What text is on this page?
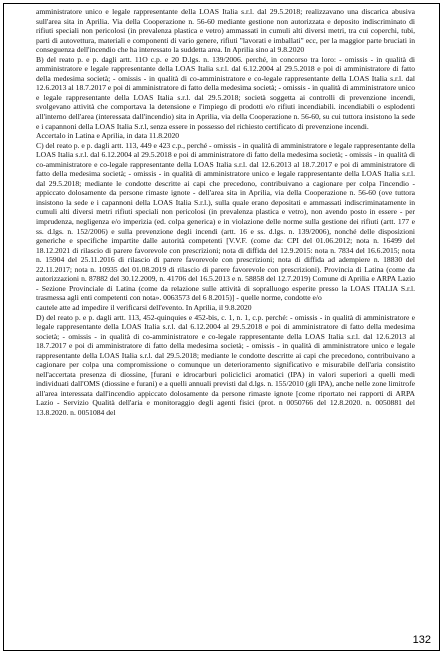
amministratore unico e legale rappresentante della LOAS Italia s.r.l. dal 29.5.2018; realizzavano una discarica abusiva sull'area sita in Aprilia. Via della Cooperazione n. 56-60 mediante gestione non autorizzata e deposito indiscriminato di rifiuti speciali non pericolosi (in prevalenza plastica e vetro) ammassati in cumuli alti diversi metri, tra cui coperchi, tubi, parti di autovettura, materiali e componenti di vario genere, rifiuti "lavorati e imballati" ecc, per la maggior parte bruciati in conseguenza dell'incendio che ha interessato la suddetta area. In Aprilia sino al 9.8.2020

B) del reato p. e p. dagli artt. 11O c.p. e 20 D.lgs. n. 139/2006. perché, in concorso tra loro: - omissis - in qualità di amministratore e legale rappresentante della LOAS Italia s.r.l. dal 6.12.2004 al 29.5.2018 e poi di amministratore di fatto della medesima società; - omissis - in qualità di co-amministratore e co-legale rappresentante della LOAS Italia s.r.l. dal 12.6.2013 al 18.7.2017 e poi di amministratore di fatto della medesima società; - omissis - in qualità di amministratore unico e legale rappresentante della LOAS Italia s.r.l. dal 29.5.2018; società soggetta ai controlli di prevenzione incendi, svolgevano attività che comportava la detensione e l'impiego di prodotti e/o rifiuti incendiabili. incendiabili o esplodenti all'interno dell'area (interessata dall'incendio) sita in Aprilia, via della Cooperazione n. 56-60, su cui tuttora insistono la sede e i capannoni della LOAS Italia S.r.l, senza essere in possesso del richiesto certificato di prevenzione incendi.

Accertalo in Latina e Aprilia, in data 11.8.2020

C) del reato p. e p. dagli artt. 113, 449 e 423 c.p., perché - omissis - in qualità di amministratore e legale rappresentante della LOAS Italia s.r.l. dal 6.12.2004 al 29.5.2018 e poi di amministratore di fatto della medesima società; - omissis - in qualità di co-amministratore e co-legale rappresentante della LOAS Italia s.r.l. dal 12.6.2013 al 18.7.2017 e poi di amministratore di fatto della medesima società; - omissis - in qualità di amministratore unico e legale rappresentante della LOAS Italia s.r.l. dal 29.5.2018; mediante le condotte descritte ai capi che precedono, contribuivano a cagionare per colpa l'incendio - appiccato dolosamente da persone rimaste ignote - dell'area sita in Aprilia, via della Cooperazione n. 56-60 (ove tuttora insistono la sede e i capannoni della LOAS Italia S.r.l.), sulla quale erano depositati e ammassati indiscriminatamente in cumuli alti diversi metri rifiuti speciali non pericolosi (in prevalenza plastica e vetro), non avendo posto in essere - per imprudenza, negligenza e/o imperizia (ed. colpa generica) e in violazione delle norme sulla gestione dei rifiuti (artt. 177 e ss. d.lgs. n. 152/2006) e sulla prevenzione degli incendi (artt. 16 e ss. d.lgs. n. 139/2006), nonché delle disposizioni generiche e specifiche impartite dalle autorità competenti [V.V.F. (come da: CPI del 01.06.2012; nota n. 16499 del 18.12.2021 di rilascio di parere favorevole con prescrizioni; nota di diffida del 12.9.2015: nota n. 7834 del 16.6.2015; nota n. 15904 del 25.11.2016 di rilascio di parere favorevole con prescrizioni; nota di diffida ad adempiere n. 18830 del 22.11.2017; nota n. 10935 del 01.08.2019 di rilascio di parere favorevole con prescrizioni). Provincia di Latina (come da autorizzazioni n. 87882 del 30.12.2009, n. 41706 del 16.5.2013 e n. 58858 del 12.7.2019) Comune di Aprilia e ARPA Lazio - Sezione Provinciale di Latina (come da relazione sulle attività di sopralluogo esperite presso la LOAS ITALIA S.r.l. trasmessa agli enti competenti con nota». 0063573 del 6 8.2015)] - quelle norme, condotte e/o

cautele atte ad impedire il verificarsi dell'evento. In Aprilia, il 9.8.2020

D) del reato p. e p. dagli artt. 113, 452-quinquies e 452-bis, c. 1, n. 1, c.p. perché: - omissis - in qualità di amministratore e legale rappresentante della LOAS Italia s.r.l. dal 6.12.2004 al 29.5.2018 e poi di amministratore di fatto della medesima società; - omissis - in qualità di co-amministratore e co-legale rappresentante della LOAS Italia s.r.l. dal 12.6.2013 al 18.7.2017 e poi di amministratore di fatto della medesima società; - omissis - in qualità di amministratore unico e legale rappresentante della LOAS Italia s.r.l. dal 29.5.2018; mediante le condotte descritte ai capi che precedono, contribuivano a cagionare per colpa una compromissione o comunque un deterioramento significativo e misurabile dell'aria consistito nell'accertata presenza di diossine, [furani e idrocarburi policiclici aromatici (IPA) in valori superiori a quelli medi individuati dall'OMS (diossine e furani) e a quelli annuali previsti dal d.lgs. n. 155/2010 (gli IPA), anche nelle zone limitrofe all'area interessata dall'incendio appiccato dolosamente da persone rimaste ignote [come riportato nei rapporti di ARPA Lazio - Servizio Qualità dell'aria e monitoraggio degli agenti fisici (prot. n 0050766 del 12.8.2020. n. 0050881 del 13.8.2020. n. 0051084 del

132
